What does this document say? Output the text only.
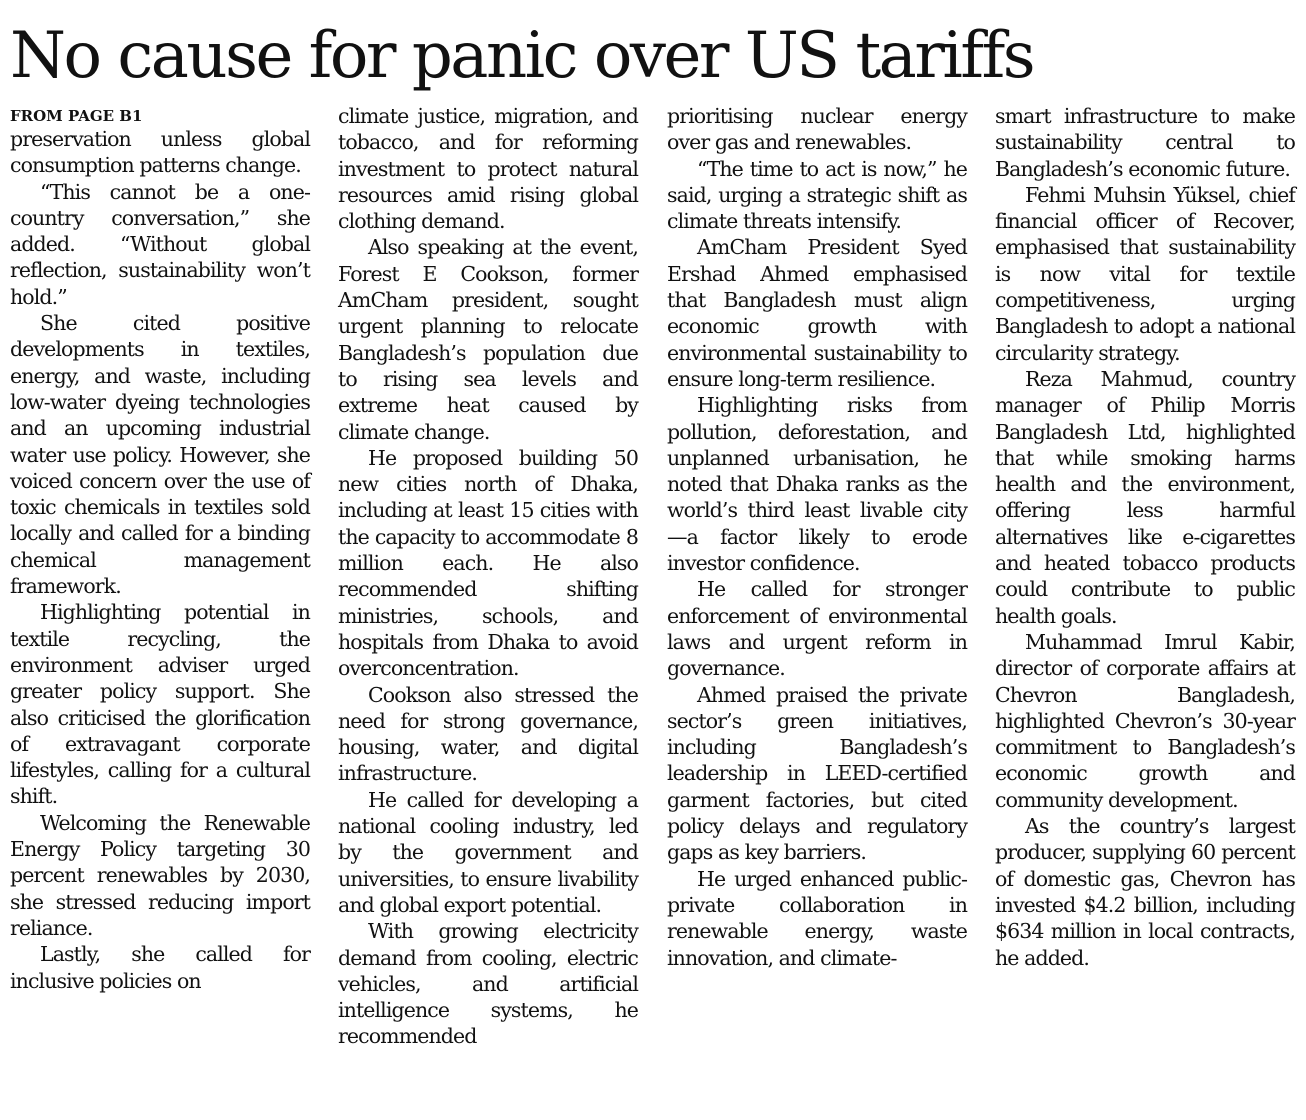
No cause for panic over US tariffs
FROM PAGE B1

preservation unless global consumption patterns change.

“This cannot be a one-country conversation,” she added. “Without global reflection, sustainability won’t hold.”

She cited positive developments in textiles, energy, and waste, including low-water dyeing technologies and an upcoming industrial water use policy. However, she voiced concern over the use of toxic chemicals in textiles sold locally and called for a binding chemical management framework.

Highlighting potential in textile recycling, the environment adviser urged greater policy support. She also criticised the glorification of extravagant corporate lifestyles, calling for a cultural shift.

Welcoming the Renewable Energy Policy targeting 30 percent renewables by 2030, she stressed reducing import reliance.

Lastly, she called for inclusive policies on

climate justice, migration, and tobacco, and for reforming investment to protect natural resources amid rising global clothing demand.

Also speaking at the event, Forest E Cookson, former AmCham president, sought urgent planning to relocate Bangladesh’s population due to rising sea levels and extreme heat caused by climate change.

He proposed building 50 new cities north of Dhaka, including at least 15 cities with the capacity to accommodate 8 million each. He also recommended shifting ministries, schools, and hospitals from Dhaka to avoid overconcentration.

Cookson also stressed the need for strong governance, housing, water, and digital infrastructure.

He called for developing a national cooling industry, led by the government and universities, to ensure livability and global export potential.

With growing electricity demand from cooling, electric vehicles, and artificial intelligence systems, he recommended

prioritising nuclear energy over gas and renewables.

“The time to act is now,” he said, urging a strategic shift as climate threats intensify.

AmCham President Syed Ershad Ahmed emphasised that Bangladesh must align economic growth with environmental sustainability to ensure long-term resilience.

Highlighting risks from pollution, deforestation, and unplanned urbanisation, he noted that Dhaka ranks as the world’s third least livable city—a factor likely to erode investor confidence.

He called for stronger enforcement of environmental laws and urgent reform in governance.

Ahmed praised the private sector’s green initiatives, including Bangladesh’s leadership in LEED-certified garment factories, but cited policy delays and regulatory gaps as key barriers.

He urged enhanced public-private collaboration in renewable energy, waste innovation, and climate-

smart infrastructure to make sustainability central to Bangladesh’s economic future.

Fehmi Muhsin Yüksel, chief financial officer of Recover, emphasised that sustainability is now vital for textile competitiveness, urging Bangladesh to adopt a national circularity strategy.

Reza Mahmud, country manager of Philip Morris Bangladesh Ltd, highlighted that while smoking harms health and the environment, offering less harmful alternatives like e-cigarettes and heated tobacco products could contribute to public health goals.

Muhammad Imrul Kabir, director of corporate affairs at Chevron Bangladesh, highlighted Chevron’s 30-year commitment to Bangladesh’s economic growth and community development.

As the country’s largest producer, supplying 60 percent of domestic gas, Chevron has invested $4.2 billion, including $634 million in local contracts, he added.
